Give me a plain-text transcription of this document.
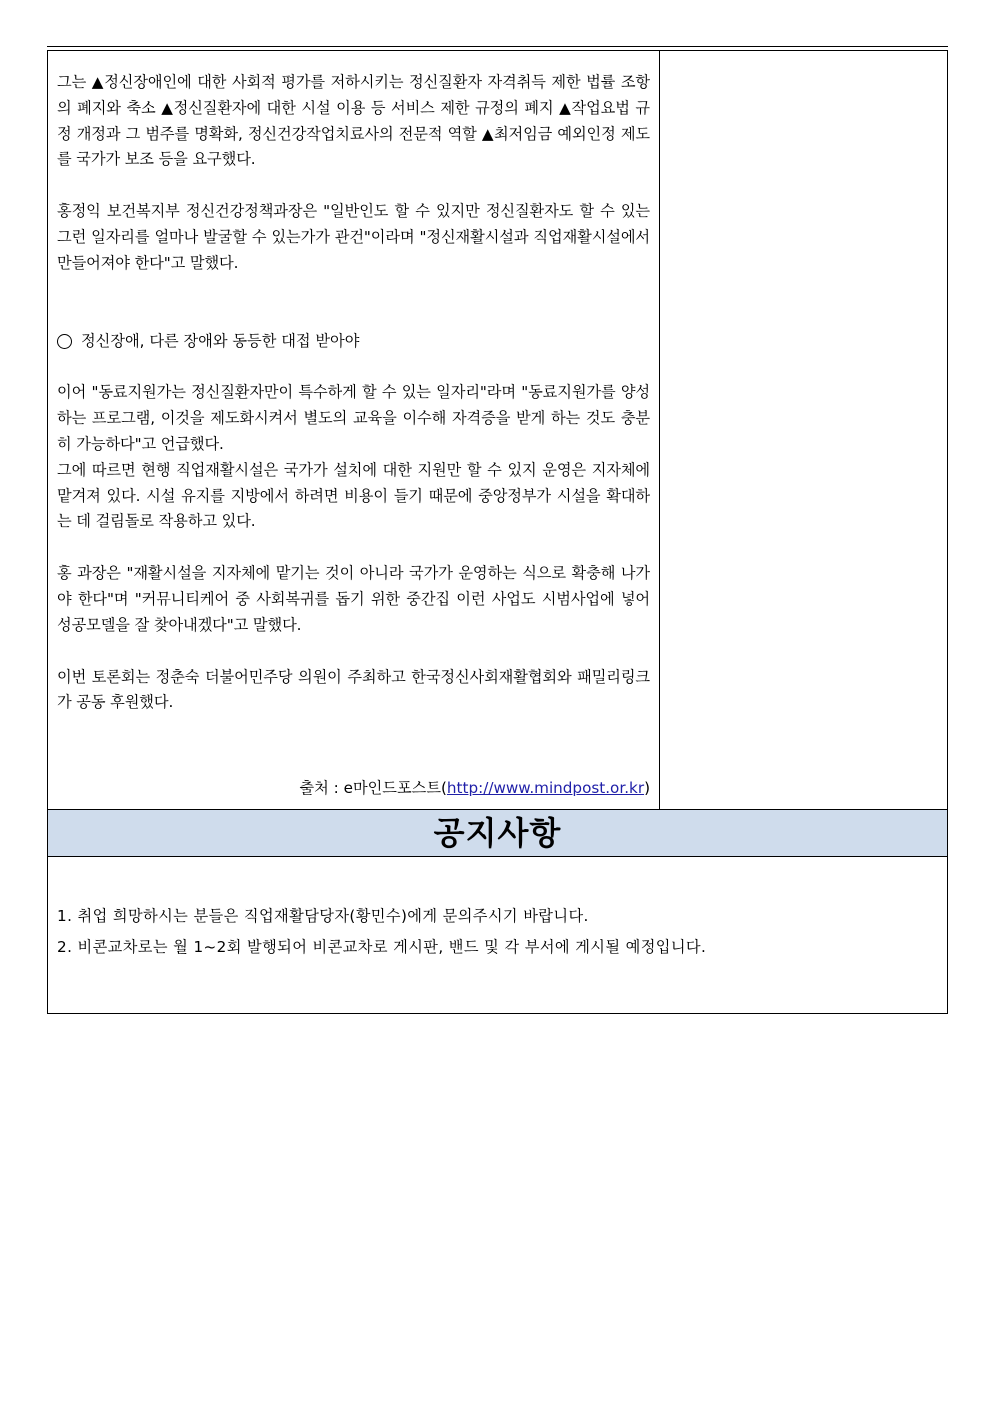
그는 ▲정신장애인에 대한 사회적 평가를 저하시키는 정신질환자 자격취득 제한 법률 조항의 폐지와 축소 ▲정신질환자에 대한 시설 이용 등 서비스 제한 규정의 폐지 ▲작업요법 규정 개정과 그 범주를 명확화, 정신건강작업치료사의 전문적 역할 ▲최저임금 예외인정 제도를 국가가 보조 등을 요구했다.

홍정익 보건복지부 정신건강정책과장은 "일반인도 할 수 있지만 정신질환자도 할 수 있는 그런 일자리를 얼마나 발굴할 수 있는가가 관건"이라며 "정신재활시설과 직업재활시설에서 만들어져야 한다"고 말했다.

정신장애, 다른 장애와 동등한 대접 받아야

이어 "동료지원가는 정신질환자만이 특수하게 할 수 있는 일자리"라며 "동료지원가를 양성하는 프로그램, 이것을 제도화시켜서 별도의 교육을 이수해 자격증을 받게 하는 것도 충분히 가능하다"고 언급했다.

그에 따르면 현행 직업재활시설은 국가가 설치에 대한 지원만 할 수 있지 운영은 지자체에 맡겨져 있다. 시설 유지를 지방에서 하려면 비용이 들기 때문에 중앙정부가 시설을 확대하는 데 걸림돌로 작용하고 있다.

홍 과장은 "재활시설을 지자체에 맡기는 것이 아니라 국가가 운영하는 식으로 확충해 나가야 한다"며 "커뮤니티케어 중 사회복귀를 돕기 위한 중간집 이런 사업도 시범사업에 넣어 성공모델을 잘 찾아내겠다"고 말했다.

이번 토론회는 정춘숙 더불어민주당 의원이 주최하고 한국정신사회재활협회와 패밀리링크가 공동 후원했다.

출처 : e마인드포스트(http://www.mindpost.or.kr)
공지사항
1. 취업 희망하시는 분들은 직업재활담당자(황민수)에게 문의주시기 바랍니다.
2. 비콘교차로는 월 1~2회 발행되어 비콘교차로 게시판, 밴드 및 각 부서에 게시될 예정입니다.
